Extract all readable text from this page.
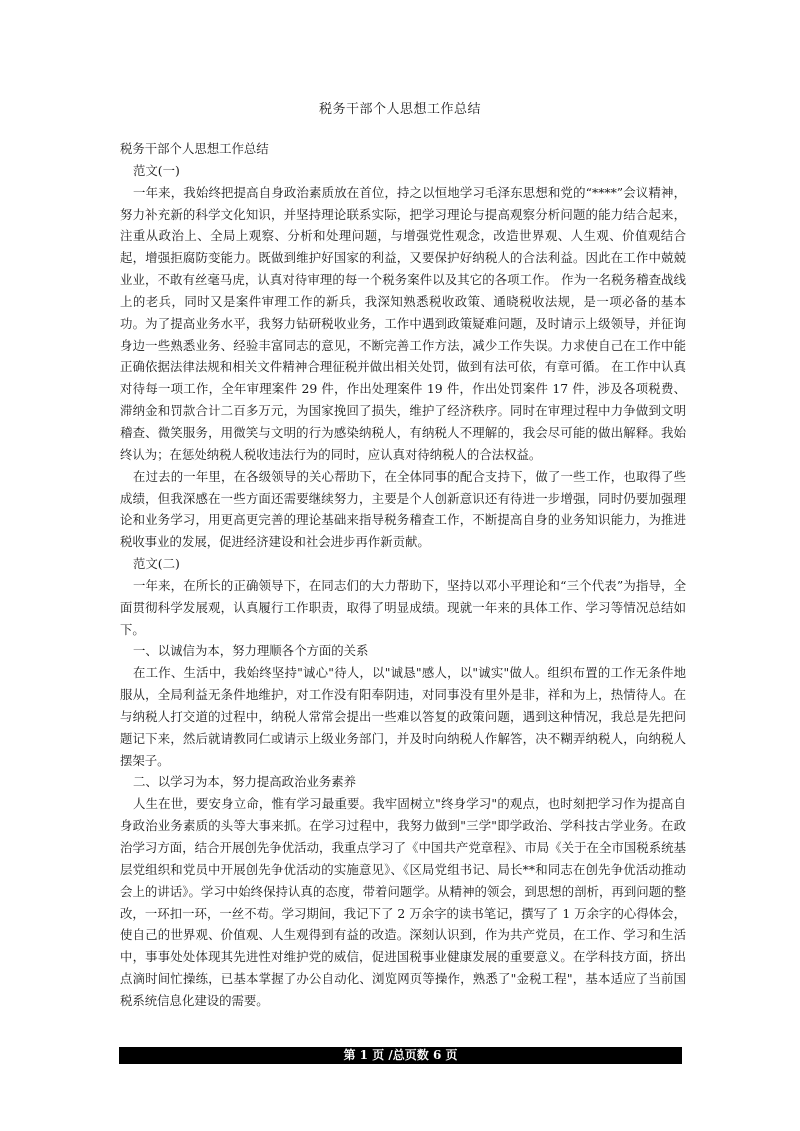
税务干部个人思想工作总结

税务干部个人思想工作总结

范文(一)

一年来，我始终把提高自身政治素质放在首位，持之以恒地学习毛泽东思想和党的“****”会议精神，努力补充新的科学文化知识，并坚持理论联系实际，把学习理论与提高观察分析问题的能力结合起来，注重从政治上、全局上观察、分析和处理问题，与增强党性观念，改造世界观、人生观、价值观结合起，增强拒腐防变能力。既做到维护好国家的利益，又要保护好纳税人的合法利益。因此在工作中兢兢业业，不敢有丝毫马虎，认真对待审理的每一个税务案件以及其它的各项工作。 作为一名税务稽查战线上的老兵，同时又是案件审理工作的新兵，我深知熟悉税收政策、通晓税收法规，是一项必备的基本功。为了提高业务水平，我努力钻研税收业务，工作中遇到政策疑难问题，及时请示上级领导，并征询身边一些熟悉业务、经验丰富同志的意见，不断完善工作方法，减少工作失误。力求使自己在工作中能正确依据法律法规和相关文件精神合理征税并做出相关处罚，做到有法可依，有章可循。 在工作中认真对待每一项工作，全年审理案件 29 件，作出处理案件 19 件，作出处罚案件 17 件，涉及各项税费、滞纳金和罚款合计二百多万元，为国家挽回了损失，维护了经济秩序。同时在审理过程中力争做到文明稽查、微笑服务，用微笑与文明的行为感染纳税人，有纳税人不理解的，我会尽可能的做出解释。我始终认为；在惩处纳税人税收违法行为的同时，应认真对待纳税人的合法权益。

在过去的一年里，在各级领导的关心帮助下，在全体同事的配合支持下，做了一些工作，也取得了些成绩，但我深感在一些方面还需要继续努力，主要是个人创新意识还有待进一步增强，同时仍要加强理论和业务学习，用更高更完善的理论基础来指导税务稽查工作，不断提高自身的业务知识能力，为推进税收事业的发展，促进经济建设和社会进步再作新贡献。

范文(二)

一年来，在所长的正确领导下，在同志们的大力帮助下，坚持以邓小平理论和“三个代表”为指导，全面贯彻科学发展观，认真履行工作职责，取得了明显成绩。现就一年来的具体工作、学习等情况总结如下。

一、以诚信为本，努力理顺各个方面的关系

在工作、生活中，我始终坚持"诚心"待人，以"诚恳"感人，以"诚实"做人。组织布置的工作无条件地服从，全局利益无条件地维护，对工作没有阳奉阴违，对同事没有里外是非，祥和为上，热情待人。在与纳税人打交道的过程中，纳税人常常会提出一些难以答复的政策问题，遇到这种情况，我总是先把问题记下来，然后就请教同仁或请示上级业务部门，并及时向纳税人作解答，决不糊弄纳税人，向纳税人摆架子。

二、以学习为本，努力提高政治业务素养

人生在世，要安身立命，惟有学习最重要。我牢固树立"终身学习"的观点，也时刻把学习作为提高自身政治业务素质的头等大事来抓。在学习过程中，我努力做到"三学"即学政治、学科技古学业务。在政治学习方面，结合开展创先争优活动，我重点学习了《中国共产党章程》、市局《关于在全市国税系统基层党组织和党员中开展创先争优活动的实施意见》、《区局党组书记、局长**和同志在创先争优活动推动会上的讲话》。学习中始终保持认真的态度，带着问题学。从精神的领会，到思想的剖析，再到问题的整改，一环扣一环，一丝不苟。学习期间，我记下了 2 万余字的读书笔记，撰写了 1 万余字的心得体会，使自己的世界观、价值观、人生观得到有益的改造。深刻认识到，作为共产党员，在工作、学习和生活中，事事处处体现其先进性对维护党的威信，促进国税事业健康发展的重要意义。在学科技方面，挤出点滴时间忙操练，已基本掌握了办公自动化、浏览网页等操作，熟悉了"金税工程"，基本适应了当前国税系统信息化建设的需要。

第 1 页 /总页数 6 页
